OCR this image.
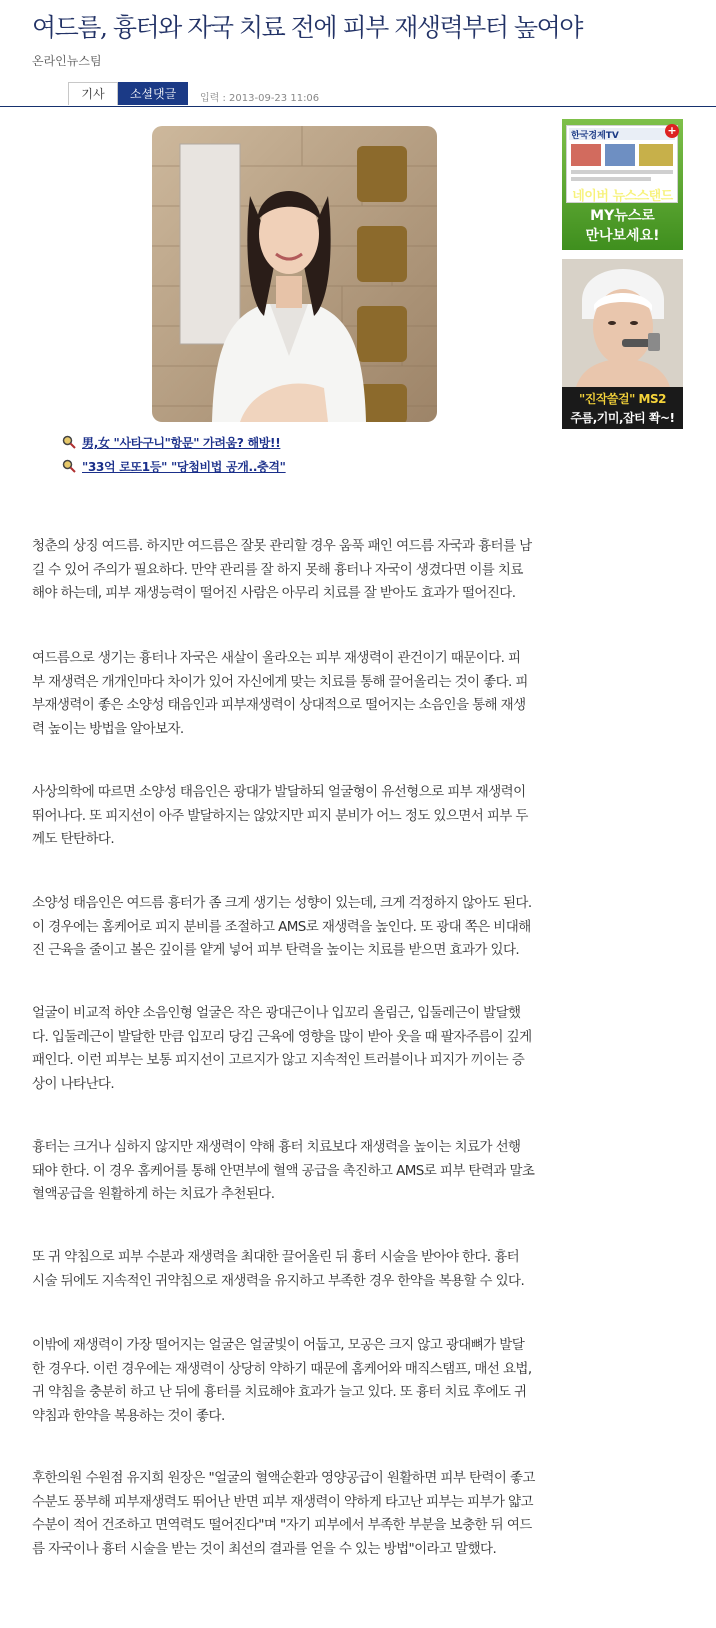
여드름, 흉터와 자국 치료 전에 피부 재생력부터 높여야
온라인뉴스팀
기사	소셜댓글	입력 : 2013-09-23 11:06
한국경제TV	+
네이버 뉴스스탠드
MY뉴스로
만나보세요!
"진작쓸걸" MS2
주름,기미,잡티 쫙~!
男,女 "사타구니"항문" 가려움? 해방!!
"33억 로또1등" "당첨비법 공개..충격"
청춘의 상징 여드름. 하지만 여드름은 잘못 관리할 경우 움푹 패인 여드름 자국과 흉터를 남
길 수 있어 주의가 필요하다. 만약 관리를 잘 하지 못해 흉터나 자국이 생겼다면 이를 치료
해야 하는데, 피부 재생능력이 떨어진 사람은 아무리 치료를 잘 받아도 효과가 떨어진다.
여드름으로 생기는 흉터나 자국은 새살이 올라오는 피부 재생력이 관건이기 때문이다. 피
부 재생력은 개개인마다 차이가 있어 자신에게 맞는 치료를 통해 끌어올리는 것이 좋다. 피
부재생력이 좋은 소양성 태음인과 피부재생력이 상대적으로 떨어지는 소음인을 통해 재생
력 높이는 방법을 알아보자.
사상의학에 따르면 소양성 태음인은 광대가 발달하되 얼굴형이 유선형으로 피부 재생력이
뛰어나다. 또 피지선이 아주 발달하지는 않았지만 피지 분비가 어느 정도 있으면서 피부 두
께도 탄탄하다.
소양성 태음인은 여드름 흉터가 좀 크게 생기는 성향이 있는데, 크게 걱정하지 않아도 된다.
이 경우에는 홈케어로 피지 분비를 조절하고 AMS로 재생력을 높인다. 또 광대 쪽은 비대해
진 근육을 줄이고 볼은 깊이를 얕게 넣어 피부 탄력을 높이는 치료를 받으면 효과가 있다.
얼굴이 비교적 하얀 소음인형 얼굴은 작은 광대근이나 입꼬리 올림근, 입둘레근이 발달했
다. 입둘레근이 발달한 만큼 입꼬리 당김 근육에 영향을 많이 받아 웃을 때 팔자주름이 깊게
패인다. 이런 피부는 보통 피지선이 고르지가 않고 지속적인 트러블이나 피지가 끼이는 증
상이 나타난다.
흉터는 크거나 심하지 않지만 재생력이 약해 흉터 치료보다 재생력을 높이는 치료가 선행
돼야 한다. 이 경우 홈케어를 통해 안면부에 혈액 공급을 촉진하고 AMS로 피부 탄력과 말초
혈액공급을 원활하게 하는 치료가 추천된다.
또 귀 약침으로 피부 수분과 재생력을 최대한 끌어올린 뒤 흉터 시술을 받아야 한다. 흉터
시술 뒤에도 지속적인 귀약침으로 재생력을 유지하고 부족한 경우 한약을 복용할 수 있다.
이밖에 재생력이 가장 떨어지는 얼굴은 얼굴빛이 어둡고, 모공은 크지 않고 광대뼈가 발달
한 경우다. 이런 경우에는 재생력이 상당히 약하기 때문에 홈케어와 매직스탬프, 매선 요법,
귀 약침을 충분히 하고 난 뒤에 흉터를 치료해야 효과가 늘고 있다. 또 흉터 치료 후에도 귀
약침과 한약을 복용하는 것이 좋다.
후한의원 수원점 유지희 원장은 "얼굴의 혈액순환과 영양공급이 원활하면 피부 탄력이 좋고
수분도 풍부해 피부재생력도 뛰어난 반면 피부 재생력이 약하게 타고난 피부는 피부가 얇고
수분이 적어 건조하고 면역력도 떨어진다"며 "자기 피부에서 부족한 부분을 보충한 뒤 여드
름 자국이나 흉터 시술을 받는 것이 최선의 결과를 얻을 수 있는 방법"이라고 말했다.
